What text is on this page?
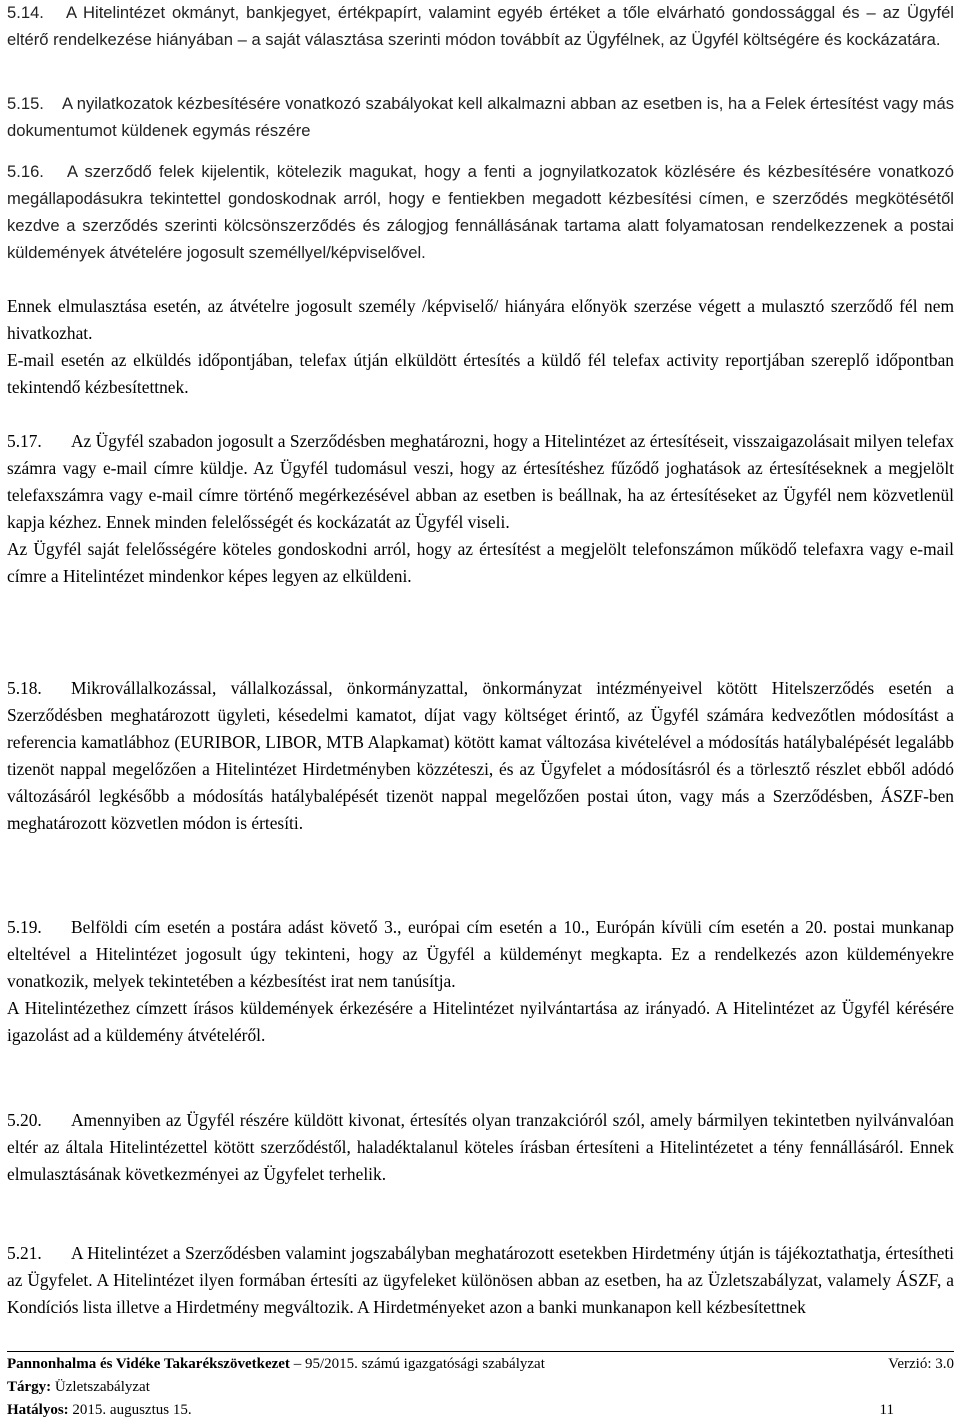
5.14. A Hitelintézet okmányt, bankjegyet, értékpapírt, valamint egyéb értéket a tőle elvárható gondossággal és – az Ügyfél eltérő rendelkezése hiányában – a saját választása szerinti módon továbbít az Ügyfélnek, az Ügyfél költségére és kockázatára.

5.15. A nyilatkozatok kézbesítésére vonatkozó szabályokat kell alkalmazni abban az esetben is, ha a Felek értesítést vagy más dokumentumot küldenek egymás részére

5.16. A szerződő felek kijelentik, kötelezik magukat, hogy a fenti a jognyilatkozatok közlésére és kézbesítésére vonatkozó megállapodásukra tekintettel gondoskodnak arról, hogy e fentiekben megadott kézbesítési címen, e szerződés megkötésétől kezdve a szerződés szerinti kölcsönszerződés és zálogjog fennállásának tartama alatt folyamatosan rendelkezzenek a postai küldemények átvételére jogosult személlyel/képviselővel.

Ennek elmulasztása esetén, az átvételre jogosult személy /képviselő/ hiányára előnyök szerzése végett a mulasztó szerződő fél nem hivatkozhat.

E-mail esetén az elküldés időpontjában, telefax útján elküldött értesítés a küldő fél telefax activity reportjában szereplő időpontban tekintendő kézbesítettnek.

5.17. Az Ügyfél szabadon jogosult a Szerződésben meghatározni, hogy a Hitelintézet az értesítéseit, visszaigazolásait milyen telefax számra vagy e-mail címre küldje. Az Ügyfél tudomásul veszi, hogy az értesítéshez fűződő joghatások az értesítéseknek a megjelölt telefaxszámra vagy e-mail címre történő megérkezésével abban az esetben is beállnak, ha az értesítéseket az Ügyfél nem közvetlenül kapja kézhez. Ennek minden felelősségét és kockázatát az Ügyfél viseli.

Az Ügyfél saját felelősségére köteles gondoskodni arról, hogy az értesítést a megjelölt telefonszámon működő telefaxra vagy e-mail címre a Hitelintézet mindenkor képes legyen az elküldeni.

5.18. Mikrovállalkozással, vállalkozással, önkormányzattal, önkormányzat intézményeivel kötött Hitelszerződés esetén a Szerződésben meghatározott ügyleti, késedelmi kamatot, díjat vagy költséget érintő, az Ügyfél számára kedvezőtlen módosítást a referencia kamatlábhoz (EURIBOR, LIBOR, MTB Alapkamat) kötött kamat változása kivételével a módosítás hatálybalépését legalább tizenöt nappal megelőzően a Hitelintézet Hirdetményben közzéteszi, és az Ügyfelet a módosításról és a törlesztő részlet ebből adódó változásáról legkésőbb a módosítás hatálybalépését tizenöt nappal megelőzően postai úton, vagy más a Szerződésben, ÁSZF-ben meghatározott közvetlen módon is értesíti.

5.19. Belföldi cím esetén a postára adást követő 3., európai cím esetén a 10., Európán kívüli cím esetén a 20. postai munkanap elteltével a Hitelintézet jogosult úgy tekinteni, hogy az Ügyfél a küldeményt megkapta. Ez a rendelkezés azon küldeményekre vonatkozik, melyek tekintetében a kézbesítést irat nem tanúsítja.

A Hitelintézethez címzett írásos küldemények érkezésére a Hitelintézet nyilvántartása az irányadó. A Hitelintézet az Ügyfél kérésére igazolást ad a küldemény átvételéről.

5.20. Amennyiben az Ügyfél részére küldött kivonat, értesítés olyan tranzakcióról szól, amely bármilyen tekintetben nyilvánvalóan eltér az általa Hitelintézettel kötött szerződéstől, haladéktalanul köteles írásban értesíteni a Hitelintézetet a tény fennállásáról. Ennek elmulasztásának következményei az Ügyfelet terhelik.

5.21. A Hitelintézet a Szerződésben valamint jogszabályban meghatározott esetekben Hirdetmény útján is tájékoztathatja, értesítheti az Ügyfelet. A Hitelintézet ilyen formában értesíti az ügyfeleket különösen abban az esetben, ha az Üzletszabályzat, valamely ÁSZF, a Kondíciós lista illetve a Hirdetmény megváltozik. A Hirdetményeket azon a banki munkanapon kell kézbesítettnek

Pannonhalma és Vidéke Takarékszövetkezet – 95/2015. számú igazgatósági szabályzat	Verzió: 3.0
Tárgy: Üzletszabályzat
Hatályos: 2015. augusztus 15.	11
